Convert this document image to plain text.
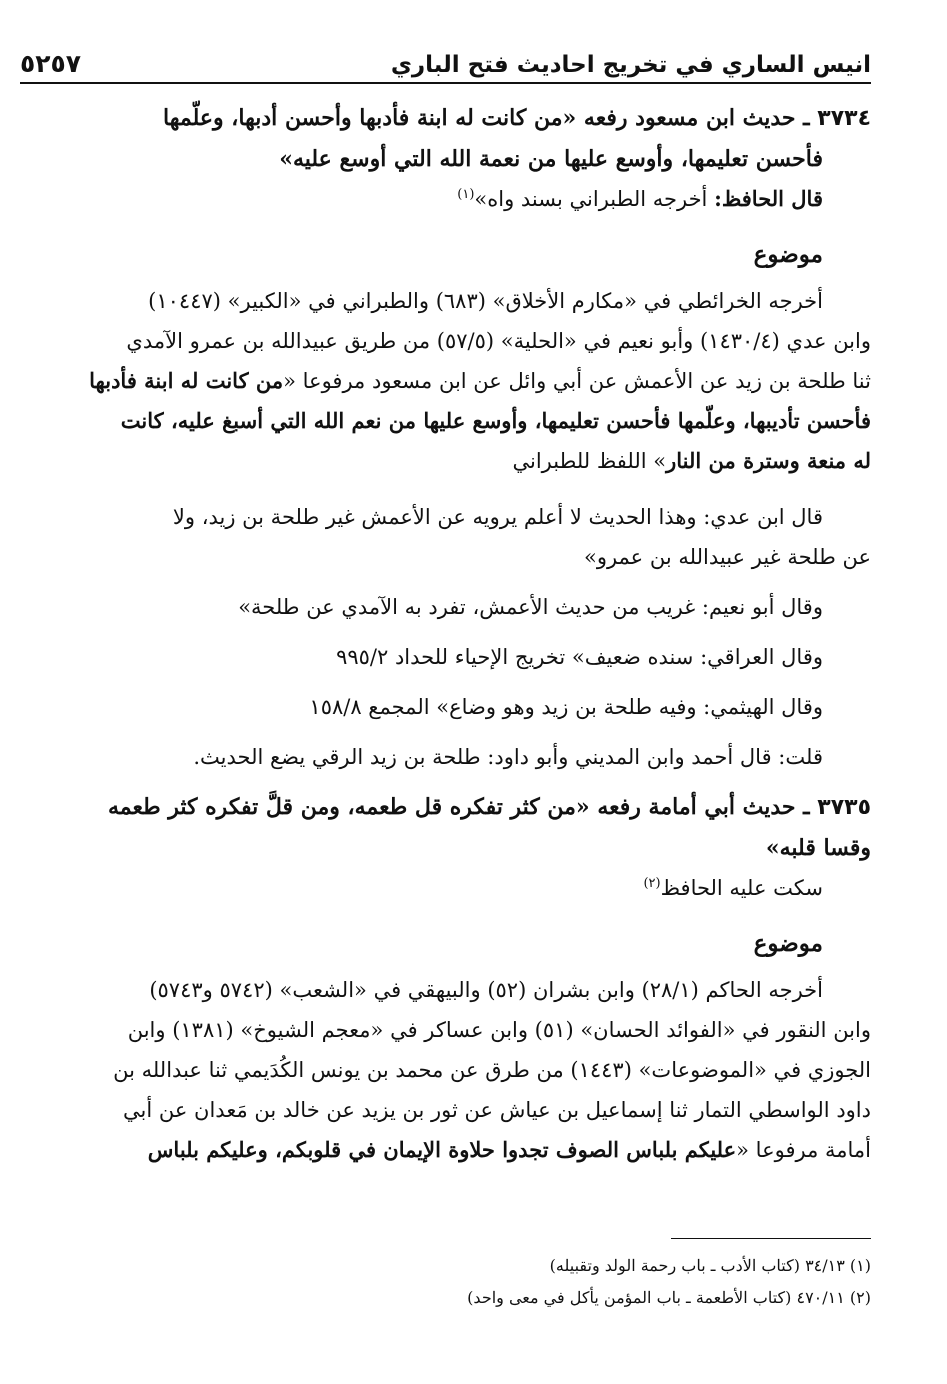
انيس الساري في تخريج احاديث فتح الباري
٥٢٥٧

٣٧٣٤ ـ حديث ابن مسعود رفعه «من كانت له ابنة فأدبها وأحسن أدبها، وعلّمها

فأحسن تعليمها، وأوسع عليها من نعمة الله التي أوسع عليه»

قال الحافظ: أخرجه الطبراني بسند واه»$^{(١)}$

موضوع

أخرجه الخرائطي في «مكارم الأخلاق» (٦٨٣) والطبراني في «الكبير» (١٠٤٤٧)

وابن عدي (١٤٣٠/٤) وأبو نعيم في «الحلية» (٥٧/٥) من طريق عبيدالله بن عمرو الآمدي

ثنا طلحة بن زيد عن الأعمش عن أبي وائل عن ابن مسعود مرفوعا «من كانت له ابنة فأدبها

فأحسن تأديبها، وعلّمها فأحسن تعليمها، وأوسع عليها من نعم الله التي أسبغ عليه، كانت

له منعة وسترة من النار» اللفظ للطبراني

قال ابن عدي: وهذا الحديث لا أعلم يرويه عن الأعمش غير طلحة بن زيد، ولا

عن طلحة غير عبيدالله بن عمرو»

وقال أبو نعيم: غريب من حديث الأعمش، تفرد به الآمدي عن طلحة»

وقال العراقي: سنده ضعيف» تخريج الإحياء للحداد ٩٩٥/٢

وقال الهيثمي: وفيه طلحة بن زيد وهو وضاع» المجمع ١٥٨/٨

قلت: قال أحمد وابن المديني وأبو داود: طلحة بن زيد الرقي يضع الحديث.

٣٧٣٥ ـ حديث أبي أمامة رفعه «من كثر تفكره قل طعمه، ومن قلَّ تفكره كثر طعمه

وقسا قلبه»

سكت عليه الحافظ$^{(٢)}$

موضوع

أخرجه الحاكم (٢٨/١) وابن بشران (٥٢) والبيهقي في «الشعب» (٥٧٤٢ و٥٧٤٣)

وابن النقور في «الفوائد الحسان» (٥١) وابن عساكر في «معجم الشيوخ» (١٣٨١) وابن

الجوزي في «الموضوعات» (١٤٤٣) من طرق عن محمد بن يونس الكُدَيمي ثنا عبدالله بن

داود الواسطي التمار ثنا إسماعيل بن عياش عن ثور بن يزيد عن خالد بن مَعدان عن أبي

أمامة مرفوعا «عليكم بلباس الصوف تجدوا حلاوة الإيمان في قلوبكم، وعليكم بلباس

(١) ٣٤/١٣ (كتاب الأدب ـ باب رحمة الولد وتقبيله)

(٢) ٤٧٠/١١ (كتاب الأطعمة ـ باب المؤمن يأكل في معى واحد)
